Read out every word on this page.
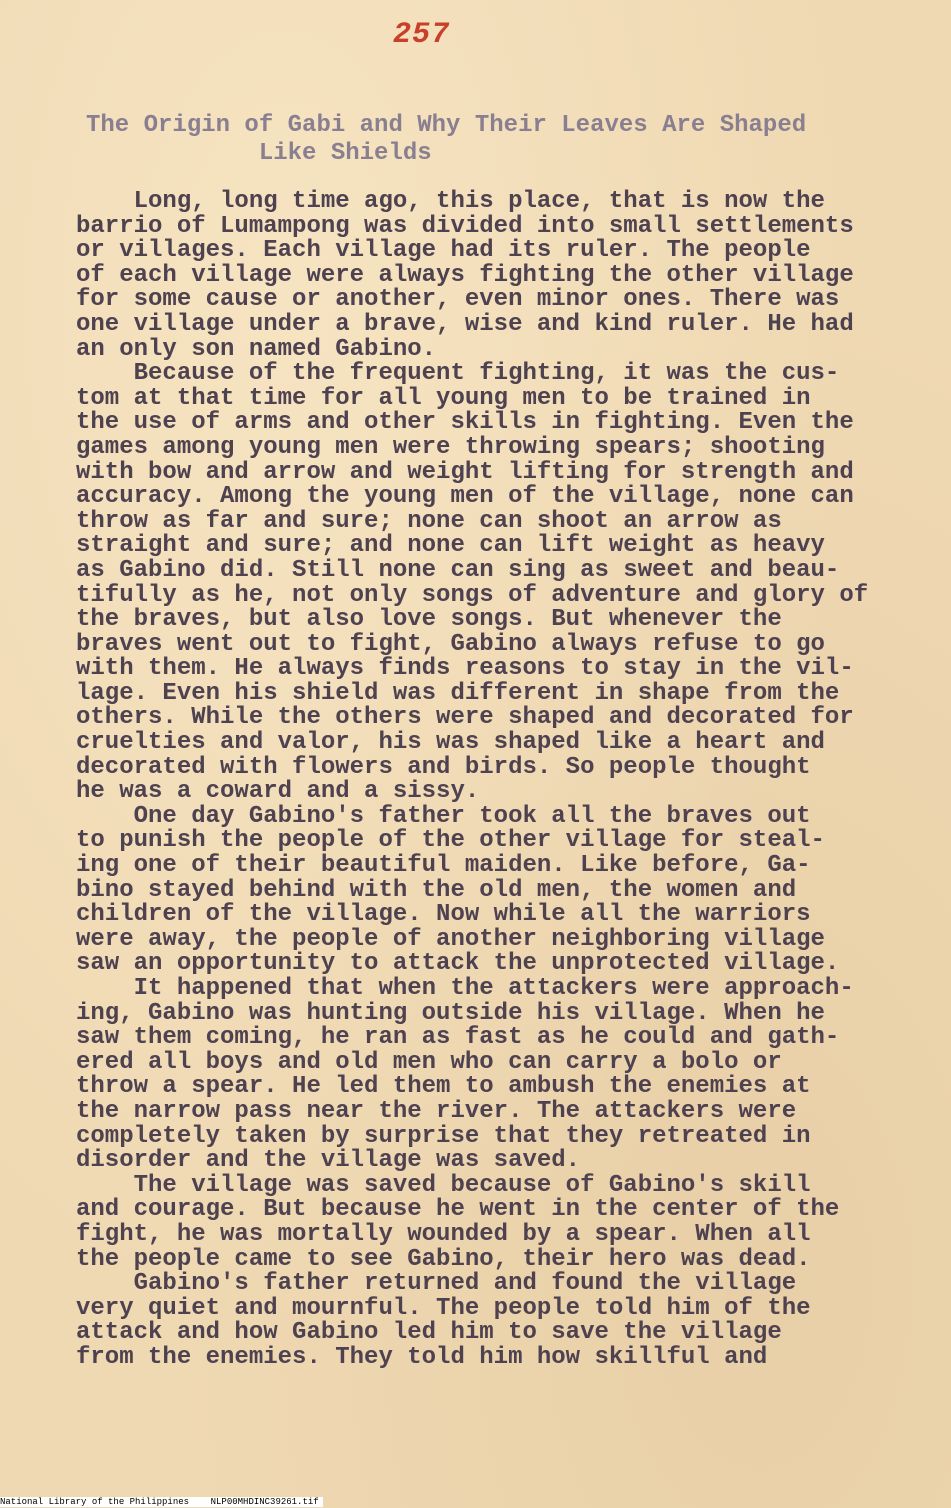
257
The Origin of Gabi and Why Their Leaves Are Shaped
Like Shields
Long, long time ago, this place, that is now the
barrio of Lumampong was divided into small settlements
or villages. Each village had its ruler. The people
of each village were always fighting the other village
for some cause or another, even minor ones. There was
one village under a brave, wise and kind ruler. He had
an only son named Gabino.
Because of the frequent fighting, it was the cus-
tom at that time for all young men to be trained in
the use of arms and other skills in fighting. Even the
games among young men were throwing spears; shooting
with bow and arrow and weight lifting for strength and
accuracy. Among the young men of the village, none can
throw as far and sure; none can shoot an arrow as
straight and sure; and none can lift weight as heavy
as Gabino did. Still none can sing as sweet and beau-
tifully as he, not only songs of adventure and glory of
the braves, but also love songs. But whenever the
braves went out to fight, Gabino always refuse to go
with them. He always finds reasons to stay in the vil-
lage. Even his shield was different in shape from the
others. While the others were shaped and decorated for
cruelties and valor, his was shaped like a heart and
decorated with flowers and birds. So people thought
he was a coward and a sissy.
One day Gabino's father took all the braves out
to punish the people of the other village for steal-
ing one of their beautiful maiden. Like before, Ga-
bino stayed behind with the old men, the women and
children of the village. Now while all the warriors
were away, the people of another neighboring village
saw an opportunity to attack the unprotected village.
It happened that when the attackers were approach-
ing, Gabino was hunting outside his village. When he
saw them coming, he ran as fast as he could and gath-
ered all boys and old men who can carry a bolo or
throw a spear. He led them to ambush the enemies at
the narrow pass near the river. The attackers were
completely taken by surprise that they retreated in
disorder and the village was saved.
The village was saved because of Gabino's skill
and courage. But because he went in the center of the
fight, he was mortally wounded by a spear. When all
the people came to see Gabino, their hero was dead.
Gabino's father returned and found the village
very quiet and mournful. The people told him of the
attack and how Gabino led him to save the village
from the enemies. They told him how skillful and
National Library of the Philippines    NLP00MHDINC39261.tif
